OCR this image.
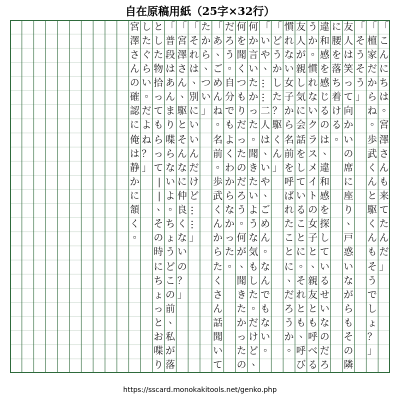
自在原稿用紙（25字×32行）
「
こ
ん
に
ち
は
。
宮
澤
さ
ん
も
来
て
た
ん
だ
」
「
檀
家
だ
か
ら
ね
。
歩
武
く
ん
と
駆
く
ん
も
そ
う
で
し
ょ
？
」
「
そ
う
そ
う
」
友
人
は
笑
っ
て
向
か
い
の
席
に
座
り
、
戸
惑
い
な
が
ら
も
そ
の
隣
に
腰
を
落
ち
着
け
る
。
違
和
感
を
感
じ
る
の
は
、
違
和
感
を
探
し
て
い
る
せ
い
な
の
だ
ろ
う
か
。
慣
れ
な
い
ク
ラ
ス
メ
イ
ト
の
女
子
と
、
親
友
と
も
呼
べ
る
友
人
が
親
し
気
に
会
話
を
し
て
い
る
こ
と
に
。
そ
れ
と
も
、
呼
び
慣
れ
な
い
女
子
か
ら
名
前
を
呼
ば
れ
た
こ
と
に
、
だ
ろ
う
か
。
「
ど
う
か
し
た
？
駆
く
ん
」
「
い
や
、
…
…
二
人
は
、
い
や
、
ご
め
ん
。
な
ん
で
も
な
い
。
何
か
言
い
た
か
っ
た
。
聞
き
た
い
よ
う
な
気
も
し
た
。
だ
け
ど
、
何
を
聞
く
つ
も
り
だ
っ
た
の
だ
ろ
う
。
何
が
、
聞
き
た
か
っ
た
の
だ
ろ
う
。
自
分
で
も
よ
く
わ
か
ら
な
か
っ
た
。
「
あ
、
ご
め
ん
ね
。
名
前
。
歩
武
く
ん
か
ら
た
く
さ
ん
話
聞
い
て
た
か
ら
、
つ
い
」
「
そ
れ
は
、
別
に
い
い
ん
だ
け
ど
…
…
」
「
宮
澤
さ
ん
、
駆
と
そ
ん
な
に
仲
良
く
な
い
の
？
」
「
普
段
は
あ
ん
ま
り
喋
ら
な
い
よ
。
ち
ょ
う
ど
こ
の
前
、
私
が
落
と
し
た
物
拾
っ
て
も
ら
っ
て
―
―
、
そ
の
時
に
ち
ょ
っ
と
お
喋
り
し
た
ぐ
ら
い
。
だ
よ
ね
？
」
宮
澤
さ
ん
の
確
認
に
俺
は
静
か
に
頷
く
。
https://sscard.monokakitools.net/genko.php
